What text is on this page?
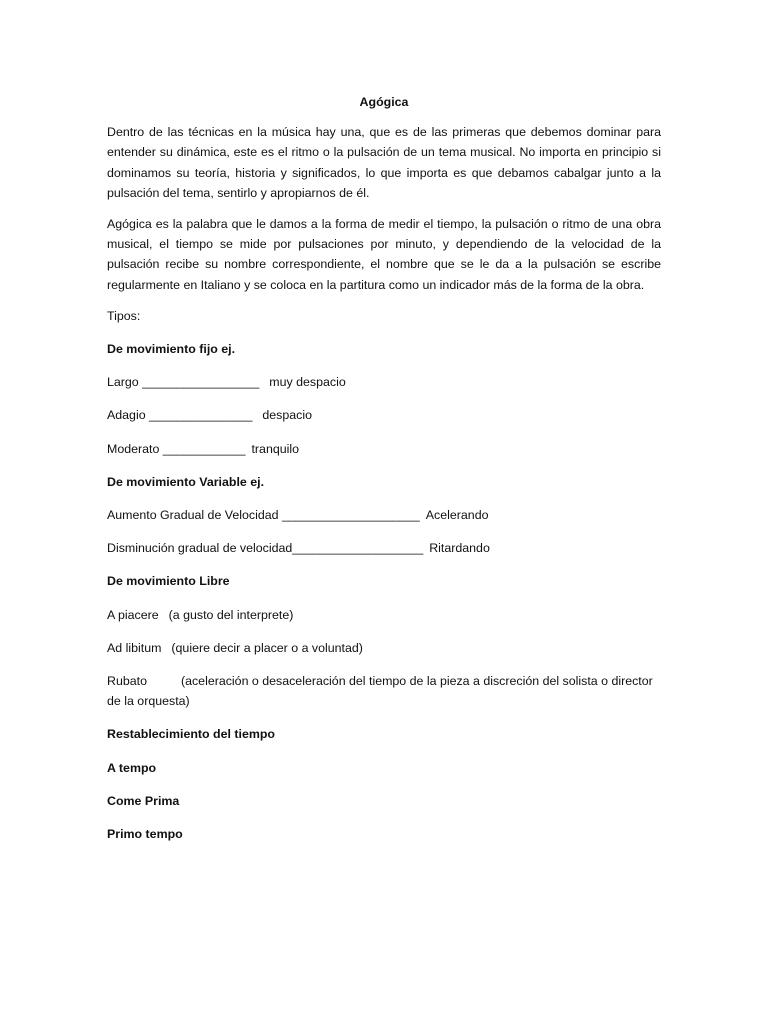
Agógica

Dentro de las técnicas en la música hay una, que es de las primeras que debemos dominar para entender su dinámica, este es el ritmo o la pulsación de un tema musical. No importa en principio si dominamos su teoría, historia y significados, lo que importa es que debamos cabalgar junto a la pulsación del tema, sentirlo y apropiarnos de él.

Agógica es la palabra que le damos a la forma de medir el tiempo, la pulsación o ritmo de una obra musical, el tiempo se mide por pulsaciones por minuto, y dependiendo de la velocidad de la pulsación recibe su nombre correspondiente, el nombre que se le da a la pulsación se escribe regularmente en Italiano y se coloca en la partitura como un indicador más de la forma de la obra.

Tipos:
De movimiento fijo ej.
Largo _________________ muy despacio
Adagio _______________ despacio
Moderato ____________ tranquilo
De movimiento Variable ej.
Aumento Gradual de Velocidad ____________________ Acelerando
Disminución gradual de velocidad___________________ Ritardando
De movimiento Libre
A piacere (a gusto del interprete)
Ad libitum (quiere decir a placer o a voluntad)
Rubato	(aceleración o desaceleración del tiempo de la pieza a discreción del solista o director de la orquesta)
Restablecimiento del tiempo
A tempo
Come Prima
Primo tempo
